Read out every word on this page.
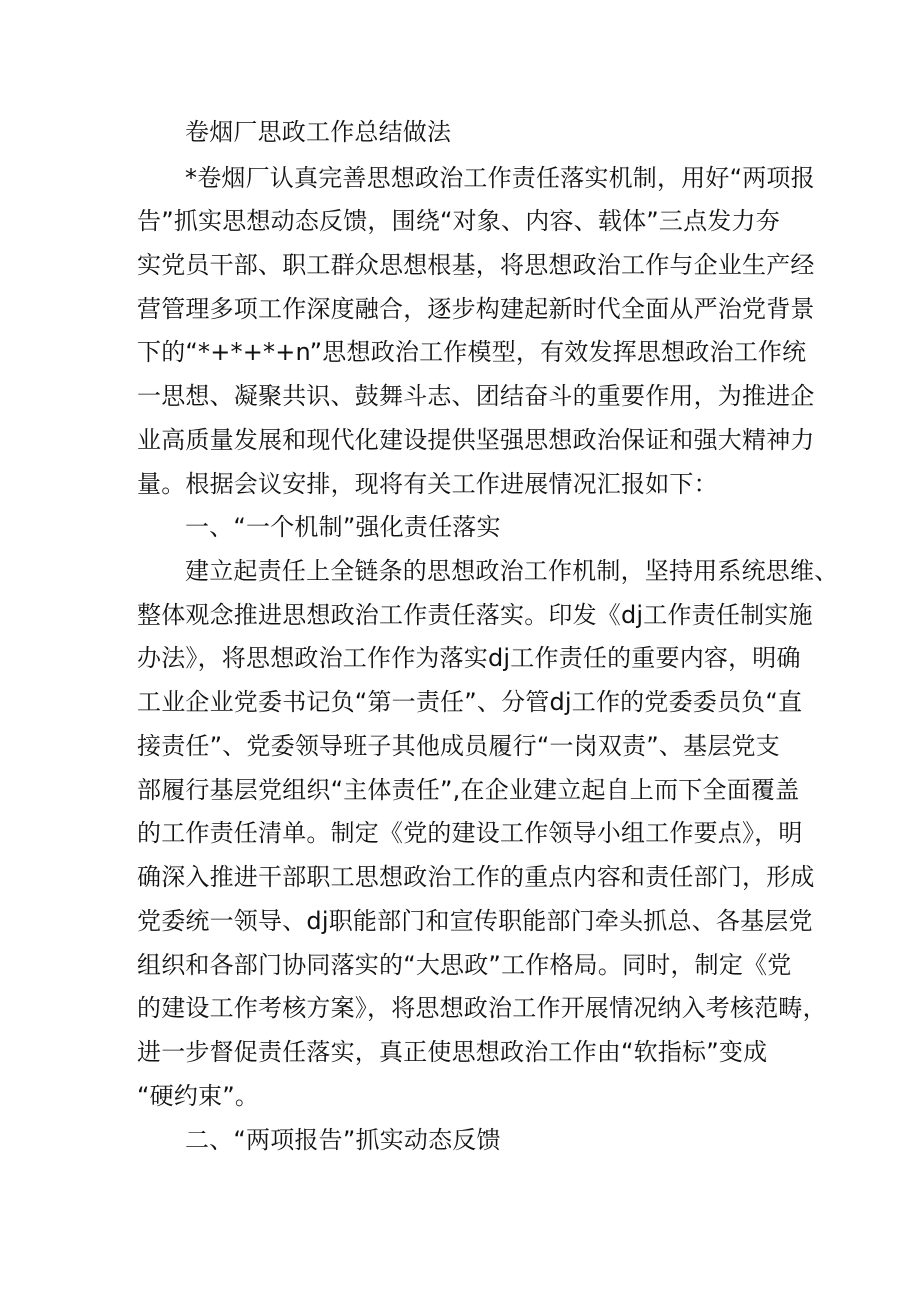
卷烟厂思政工作总结做法
*卷烟厂认真完善思想政治工作责任落实机制，用好“两项报
告”抓实思想动态反馈，围绕“对象、内容、载体”三点发力夯
实党员干部、职工群众思想根基，将思想政治工作与企业生产经
营管理多项工作深度融合，逐步构建起新时代全面从严治党背景
下的“*+*+*+n”思想政治工作模型，有效发挥思想政治工作统
一思想、凝聚共识、鼓舞斗志、团结奋斗的重要作用，为推进企
业高质量发展和现代化建设提供坚强思想政治保证和强大精神力
量。根据会议安排，现将有关工作进展情况汇报如下：
一、“一个机制”强化责任落实
建立起责任上全链条的思想政治工作机制，坚持用系统思维、
整体观念推进思想政治工作责任落实。印发《dj工作责任制实施
办法》，将思想政治工作作为落实dj工作责任的重要内容，明确
工业企业党委书记负“第一责任”、分管dj工作的党委委员负“直
接责任”、党委领导班子其他成员履行“一岗双责”、基层党支
部履行基层党组织“主体责任”,在企业建立起自上而下全面覆盖
的工作责任清单。制定《党的建设工作领导小组工作要点》，明
确深入推进干部职工思想政治工作的重点内容和责任部门，形成
党委统一领导、dj职能部门和宣传职能部门牵头抓总、各基层党
组织和各部门协同落实的“大思政”工作格局。同时，制定《党
的建设工作考核方案》，将思想政治工作开展情况纳入考核范畴，
进一步督促责任落实，真正使思想政治工作由“软指标”变成
“硬约束”。
二、“两项报告”抓实动态反馈
